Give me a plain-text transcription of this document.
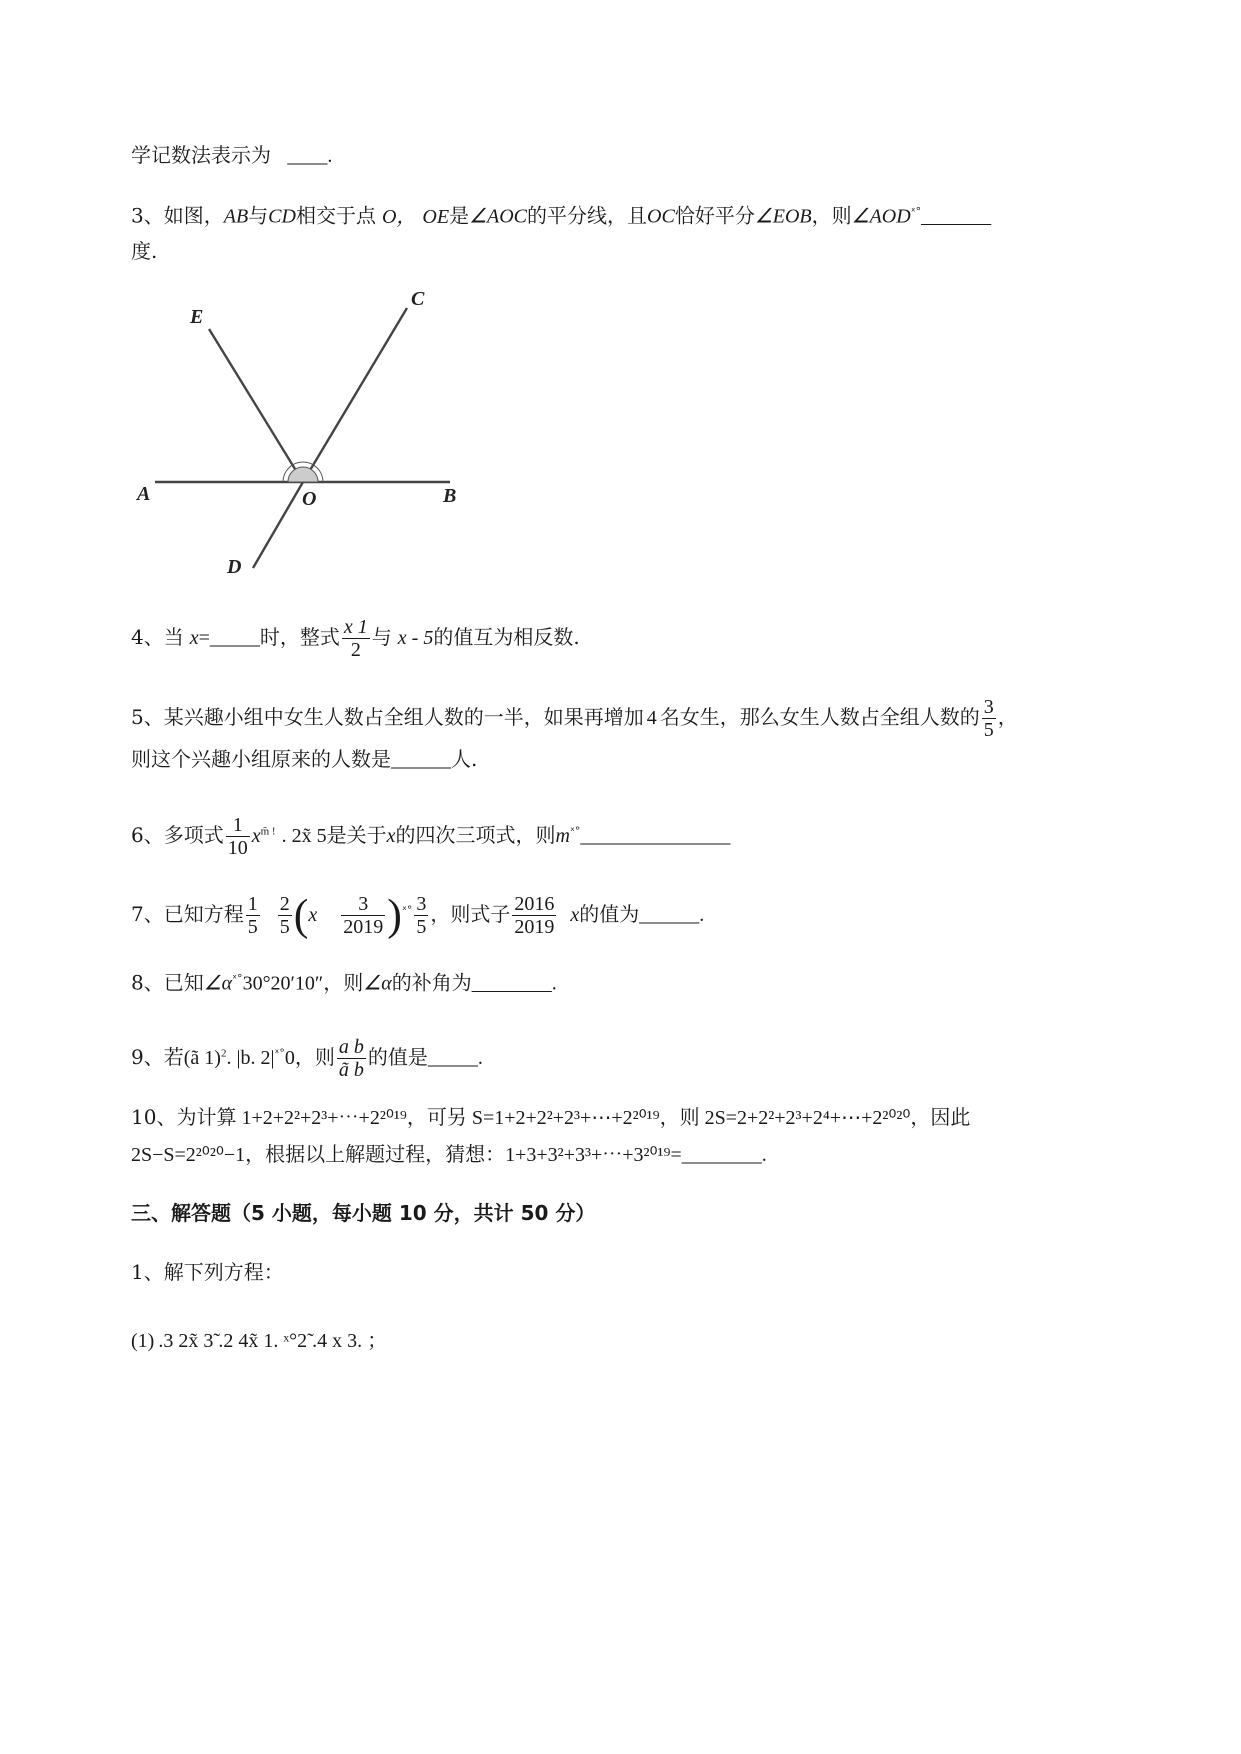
学记数法表示为 ____.
3、如图，AB与CD相交于点 O， OE是∠AOC的平分线，且OC恰好平分∠EOB，则$\angle AOD^{ˣ^\circ}\_\_\_\_\_\_\_$
度.
E
C
A	O	B
D
4、当 x=_____时，整式 $\frac{x 1}{2}$ 与 x - 5的值互为相反数.
5、某兴趣小组中女生人数占全组人数的一半，如果再增加 4 名女生，那么女生人数占全组人数的 $\frac{3}{5}$ ，
则这个兴趣小组原来的人数是______人.
6、多项式 $\frac{1}{10} x^{m̃ !}$ . 2x̃ 5是关于x的四次三项式，则$m^{ˣ^\circ}\_\_\_\_\_\_\_\_\_\_\_\_\_\_\_$
7、已知方程 $\frac{1}{5} \frac{2}{5} (x \frac{3}{2019} )^{ˣ^\circ} \frac{3}{5}$ ，则式子 $\frac{2016}{2019}$ x的值为______.
8、已知$\angle\alpha^{ˣ^\circ}30^\circ 20'10''$，则∠α的补角为________.
9、若(ã 1)$^2$. |b. $2|^{ˣ^\circ}0$，则 $\frac{\text{a b}}{\text{ã b}}$ 的值是_____.
10、为计算 1+2+2²+2³+⋯+2²⁰¹⁹，可另 S=1+2+2²+2³+⋯+2²⁰¹⁹，则 2S=2+2²+2³+2⁴+⋯+2²⁰²⁰，因此
2S−S=2²⁰²⁰−1，根据以上解题过程，猜想：1+3+3²+3³+⋯+3²⁰¹⁹=________.
三、解答题（5 小题，每小题 10 分，共计 50 分）
1、解下列方程：
(1) .3 2x̃ 3̃ .2 4x̃ 1. ˣ°2̃ .4 x 3. ；
